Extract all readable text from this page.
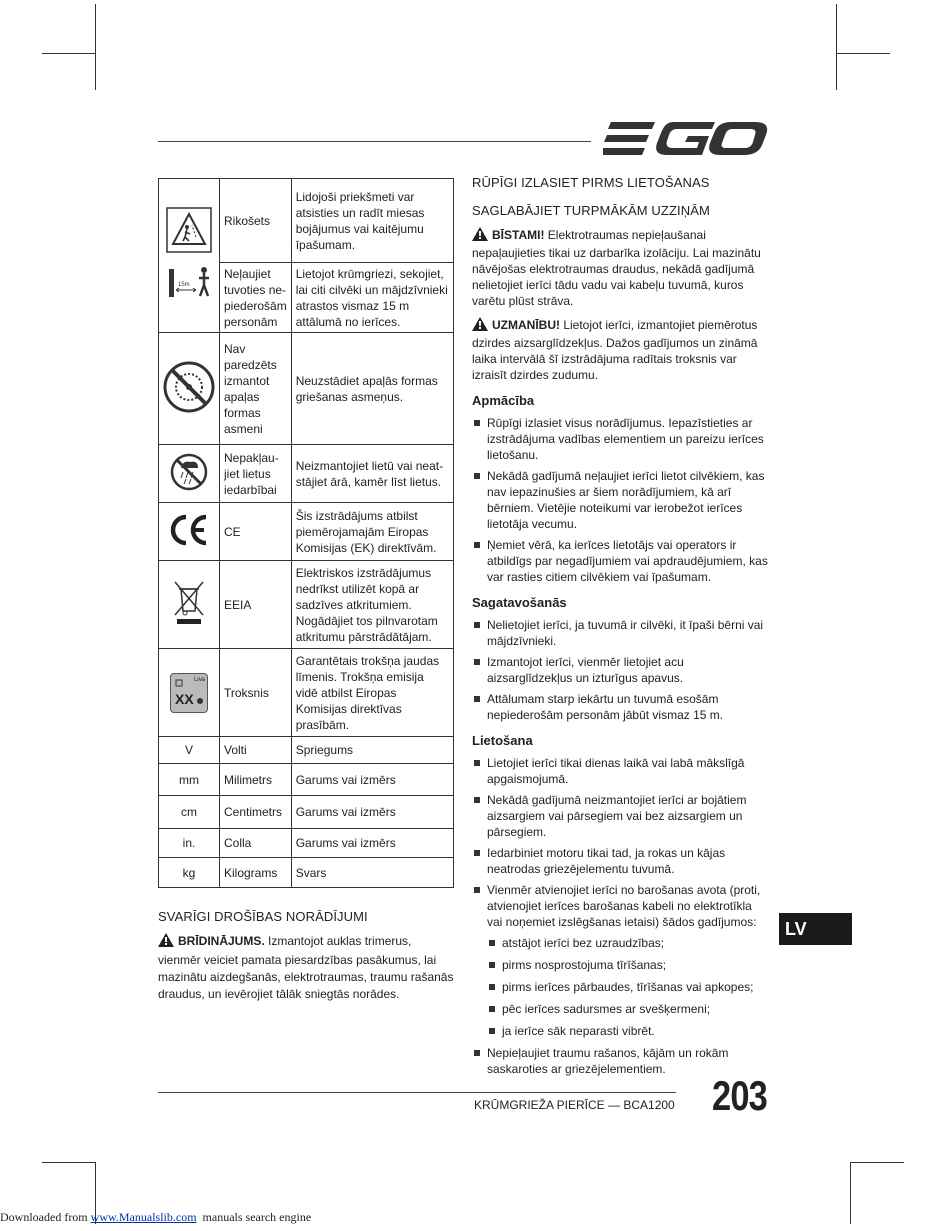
15m	Rikošets	Lidojoši priekšmeti var atsisties un radīt miesas bojājumus vai kaitējumu īpašumam.
	Neļaujiet tuvoties ne-piederošām personām	Lietojot krūmgriezi, sekojiet, lai citi cilvēki un mājdzīvnieki atrastos vismaz 15 m attālumā no ierīces.
	Nav paredzēts izmantot apaļas formas asmeni	Neuzstādiet apaļās formas griešanas asmeņus.
	Nepakļau-jiet lietus iedarbībai	Neizmantojiet lietū vai neat-stājiet ārā, kamēr līst lietus.
	CE	Šis izstrādājums atbilst piemērojamajām Eiropas Komisijas (EK) direktīvām.
	EEIA	Elektriskos izstrādājumus nedrīkst utilizēt kopā ar sadzīves atkritumiem. Nogādājiet tos pilnvarotam atkritumu pārstrādātājam.

Lwa
XX	Troksnis	Garantētais trokšņa jaudas līmenis. Trokšņa emisija vidē atbilst Eiropas Komisijas direktīvas prasībām.
V	Volti	Spriegums
mm	Milimetrs	Garums vai izmērs
cm	Centimetrs	Garums vai izmērs
in.	Colla	Garums vai izmērs
kg	Kilograms	Svars
SVARĪGI DROŠĪBAS NORĀDĪJUMI
BRĪDINĀJUMS. Izmantojot auklas trimerus, vienmēr veiciet pamata piesardzības pasākumus, lai mazinātu aizdegšanās, elektrotraumas, traumu rašanās draudus, un ievērojiet tālāk sniegtās norādes.
RŪPĪGI IZLASIET PIRMS LIETOŠANAS
SAGLABĀJIET TURPMĀKĀM UZZIŅĀM
BĪSTAMI! Elektrotraumas nepieļaušanai nepaļaujieties tikai uz darbarīka izolāciju. Lai mazinātu nāvējošas elektrotraumas draudus, nekādā gadījumā nelietojiet ierīci tādu vadu vai kabeļu tuvumā, kuros varētu plūst strāva.
UZMANĪBU! Lietojot ierīci, izmantojiet piemērotus dzirdes aizsarglīdzekļus. Dažos gadījumos un zināmā laika intervālā šī izstrādājuma radītais troksnis var izraisīt dzirdes zudumu.
Apmācība
Rūpīgi izlasiet visus norādījumus. Iepazīstieties ar izstrādājuma vadības elementiem un pareizu ierīces lietošanu.
Nekādā gadījumā neļaujiet ierīci lietot cilvēkiem, kas nav iepazinušies ar šiem norādījumiem, kā arī bērniem. Vietējie noteikumi var ierobežot ierīces lietotāja vecumu.
Ņemiet vērā, ka ierīces lietotājs vai operators ir atbildīgs par negadījumiem vai apdraudējumiem, kas var rasties citiem cilvēkiem vai īpašumam.
Sagatavošanās
Nelietojiet ierīci, ja tuvumā ir cilvēki, it īpaši bērni vai mājdzīvnieki.
Izmantojot ierīci, vienmēr lietojiet acu aizsarglīdzekļus un izturīgus apavus.
Attālumam starp iekārtu un tuvumā esošām nepiederošām personām jābūt vismaz 15 m.
Lietošana
Lietojiet ierīci tikai dienas laikā vai labā mākslīgā apgaismojumā.
Nekādā gadījumā neizmantojiet ierīci ar bojātiem aizsargiem vai pārsegiem vai bez aizsargiem un pārsegiem.
Iedarbiniet motoru tikai tad, ja rokas un kājas neatrodas griezējelementu tuvumā.
Vienmēr atvienojiet ierīci no barošanas avota (proti, atvienojiet ierīces barošanas kabeli no elektrotīkla vai noņemiet izslēgšanas ietaisi) šādos gadījumos:
atstājot ierīci bez uzraudzības;
pirms nosprostojuma tīrīšanas;
pirms ierīces pārbaudes, tīrīšanas vai apkopes;
pēc ierīces sadursmes ar svešķermeni;
ja ierīce sāk neparasti vibrēt.
Nepieļaujiet traumu rašanos, kājām un rokām saskaroties ar griezējelementiem.
KRŪMGRIEŽA PIERĪCE — BCA1200 203
LV
Downloaded from www.Manualslib.com  manuals search engine
